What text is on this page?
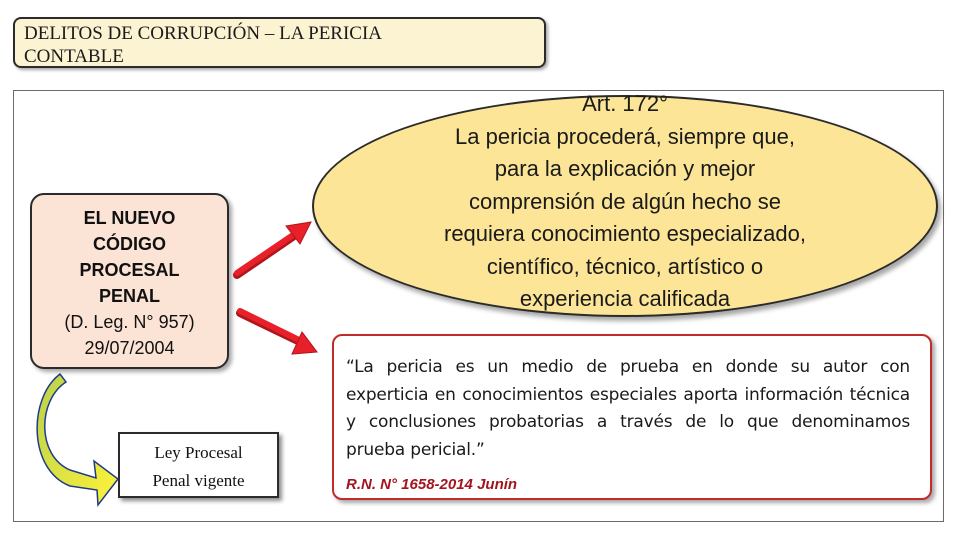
DELITOS DE CORRUPCIÓN – LA PERICIA
CONTABLE
EL NUEVO
CÓDIGO
PROCESAL
PENAL
(D. Leg. N° 957)
29/07/2004
Ley Procesal
Penal vigente
Art. 172°
La pericia procederá, siempre que,
para la explicación y mejor
comprensión de algún hecho se
requiera conocimiento especializado,
científico, técnico, artístico o
experiencia calificada
“La pericia es un medio de prueba en donde su autor con experticia en conocimientos especiales aporta información técnica y conclusiones probatorias a través de lo que denominamos prueba pericial.”
R.N. N° 1658-2014 Junín
